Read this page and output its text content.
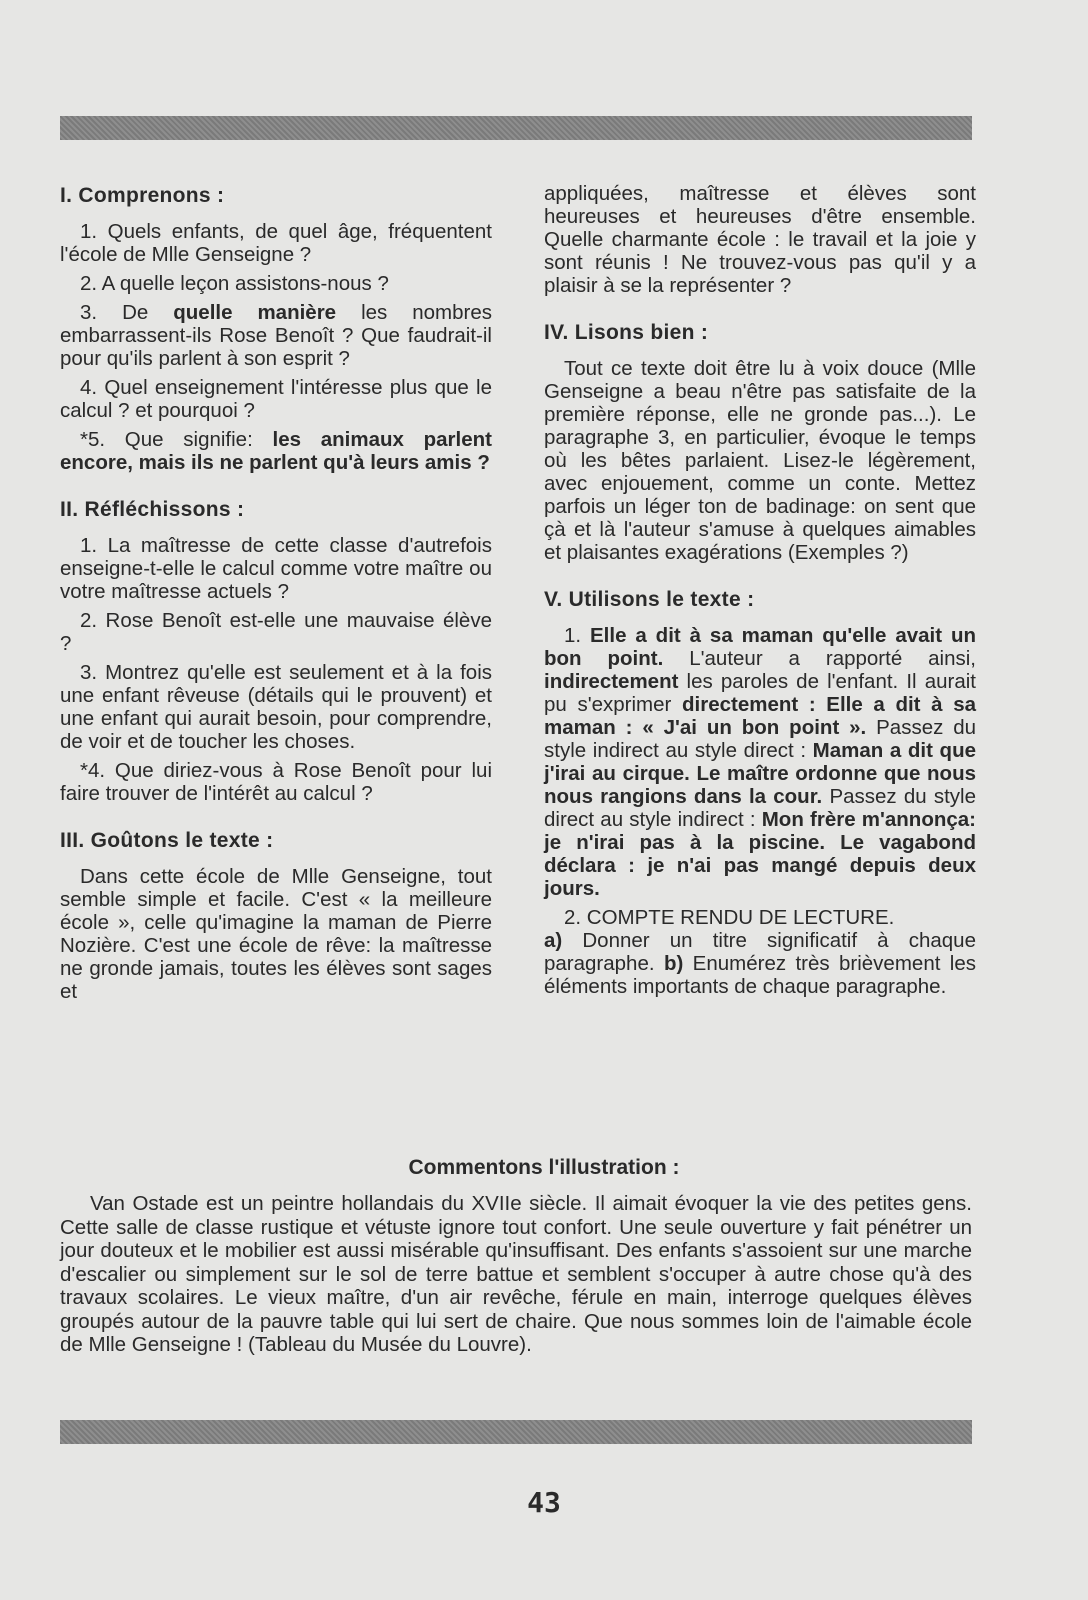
I. Comprenons :

1. Quels enfants, de quel âge, fréquentent l'école de Mlle Genseigne ?

2. A quelle leçon assistons-nous ?

3. De quelle manière les nombres embarrassent-ils Rose Benoît ? Que faudrait-il pour qu'ils parlent à son esprit ?

4. Quel enseignement l'intéresse plus que le calcul ? et pourquoi ?

*5. Que signifie: les animaux parlent encore, mais ils ne parlent qu'à leurs amis ?

II. Réfléchissons :

1. La maîtresse de cette classe d'autrefois enseigne-t-elle le calcul comme votre maître ou votre maîtresse actuels ?

2. Rose Benoît est-elle une mauvaise élève ?

3. Montrez qu'elle est seulement et à la fois une enfant rêveuse (détails qui le prouvent) et une enfant qui aurait besoin, pour comprendre, de voir et de toucher les choses.

*4. Que diriez-vous à Rose Benoît pour lui faire trouver de l'intérêt au calcul ?

III. Goûtons le texte :

Dans cette école de Mlle Genseigne, tout semble simple et facile. C'est « la meilleure école », celle qu'imagine la maman de Pierre Nozière. C'est une école de rêve: la maîtresse ne gronde jamais, toutes les élèves sont sages et

appliquées, maîtresse et élèves sont heureuses et heureuses d'être ensemble. Quelle charmante école : le travail et la joie y sont réunis ! Ne trouvez-vous pas qu'il y a plaisir à se la représenter ?

IV. Lisons bien :

Tout ce texte doit être lu à voix douce (Mlle Genseigne a beau n'être pas satisfaite de la première réponse, elle ne gronde pas...). Le paragraphe 3, en particulier, évoque le temps où les bêtes parlaient. Lisez-le légèrement, avec enjouement, comme un conte. Mettez parfois un léger ton de badinage: on sent que çà et là l'auteur s'amuse à quelques aimables et plaisantes exagérations (Exemples ?)

V. Utilisons le texte :

1. Elle a dit à sa maman qu'elle avait un bon point. L'auteur a rapporté ainsi, indirectement les paroles de l'enfant. Il aurait pu s'exprimer directement : Elle a dit à sa maman : « J'ai un bon point ». Passez du style indirect au style direct : Maman a dit que j'irai au cirque. Le maître ordonne que nous nous rangions dans la cour. Passez du style direct au style indirect : Mon frère m'annonça: je n'irai pas à la piscine. Le vagabond déclara : je n'ai pas mangé depuis deux jours.

2. COMPTE RENDU DE LECTURE.
a) Donner un titre significatif à chaque paragraphe. b) Enumérez très brièvement les éléments importants de chaque paragraphe.

Commentons l'illustration :

Van Ostade est un peintre hollandais du XVIIe siècle. Il aimait évoquer la vie des petites gens. Cette salle de classe rustique et vétuste ignore tout confort. Une seule ouverture y fait pénétrer un jour douteux et le mobilier est aussi misérable qu'insuffisant. Des enfants s'assoient sur une marche d'escalier ou simplement sur le sol de terre battue et semblent s'occuper à autre chose qu'à des travaux scolaires. Le vieux maître, d'un air revêche, férule en main, interroge quelques élèves groupés autour de la pauvre table qui lui sert de chaire. Que nous sommes loin de l'aimable école de Mlle Genseigne ! (Tableau du Musée du Louvre).

43
